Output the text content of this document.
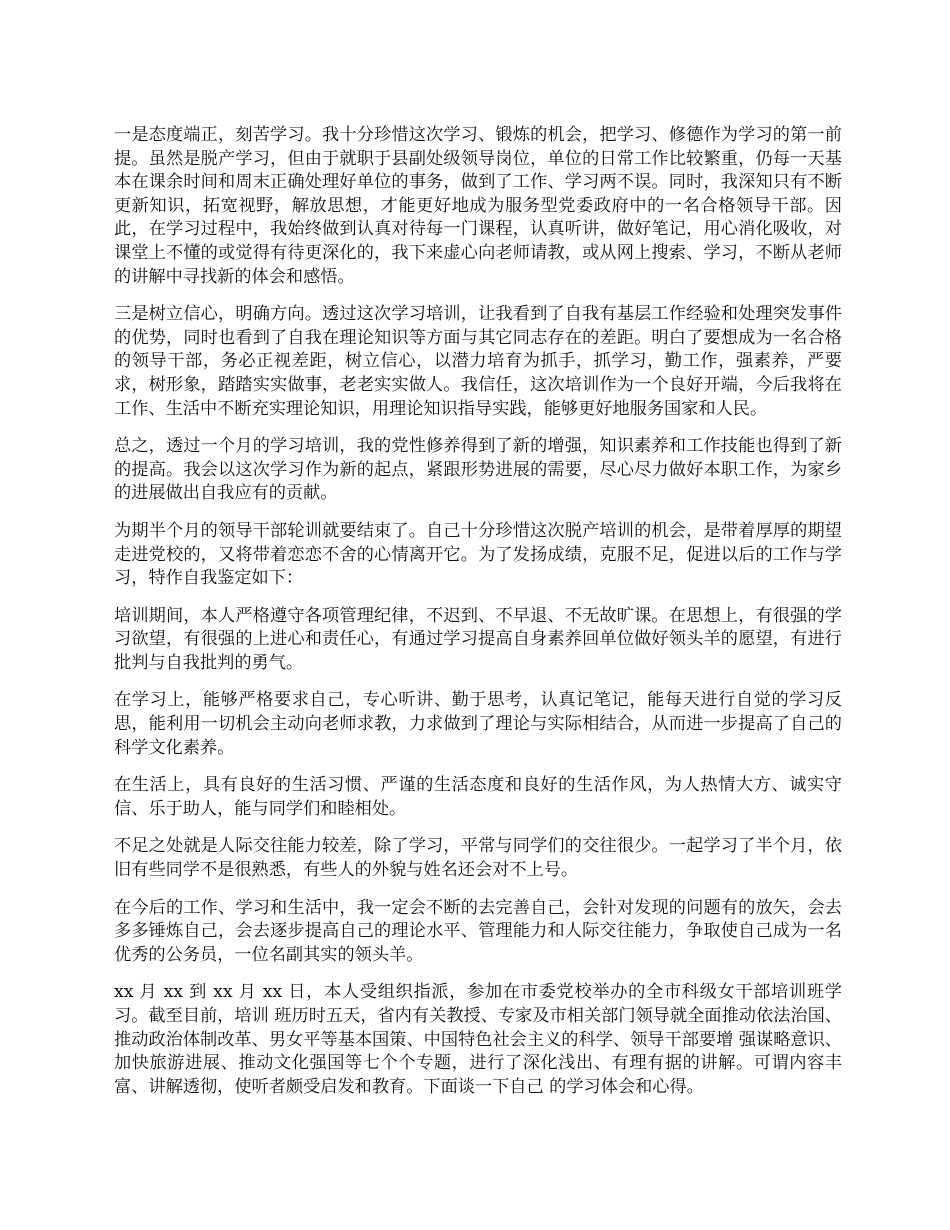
一是态度端正，刻苦学习。我十分珍惜这次学习、锻炼的机会，把学习、修德作为学习的第一前提。虽然是脱产学习，但由于就职于县副处级领导岗位，单位的日常工作比较繁重，仍每一天基本在课余时间和周末正确处理好单位的事务，做到了工作、学习两不误。同时，我深知只有不断更新知识，拓宽视野，解放思想，才能更好地成为服务型党委政府中的一名合格领导干部。因此，在学习过程中，我始终做到认真对待每一门课程，认真听讲，做好笔记，用心消化吸收，对课堂上不懂的或觉得有待更深化的，我下来虚心向老师请教，或从网上搜索、学习，不断从老师的讲解中寻找新的体会和感悟。

三是树立信心，明确方向。透过这次学习培训，让我看到了自我有基层工作经验和处理突发事件的优势，同时也看到了自我在理论知识等方面与其它同志存在的差距。明白了要想成为一名合格的领导干部，务必正视差距，树立信心，以潜力培育为抓手，抓学习，勤工作，强素养，严要求，树形象，踏踏实实做事，老老实实做人。我信任，这次培训作为一个良好开端，今后我将在工作、生活中不断充实理论知识，用理论知识指导实践，能够更好地服务国家和人民。

总之，透过一个月的学习培训，我的党性修养得到了新的增强，知识素养和工作技能也得到了新的提高。我会以这次学习作为新的起点，紧跟形势进展的需要，尽心尽力做好本职工作，为家乡的进展做出自我应有的贡献。

为期半个月的领导干部轮训就要结束了。自己十分珍惜这次脱产培训的机会，是带着厚厚的期望走进党校的，又将带着恋恋不舍的心情离开它。为了发扬成绩，克服不足，促进以后的工作与学习，特作自我鉴定如下：

培训期间，本人严格遵守各项管理纪律，不迟到、不早退、不无故旷课。在思想上，有很强的学习欲望，有很强的上进心和责任心，有通过学习提高自身素养回单位做好领头羊的愿望，有进行批判与自我批判的勇气。

在学习上，能够严格要求自己，专心听讲、勤于思考，认真记笔记，能每天进行自觉的学习反思，能利用一切机会主动向老师求教，力求做到了理论与实际相结合，从而进一步提高了自己的科学文化素养。

在生活上，具有良好的生活习惯、严谨的生活态度和良好的生活作风，为人热情大方、诚实守信、乐于助人，能与同学们和睦相处。

不足之处就是人际交往能力较差，除了学习，平常与同学们的交往很少。一起学习了半个月，依旧有些同学不是很熟悉，有些人的外貌与姓名还会对不上号。

在今后的工作、学习和生活中，我一定会不断的去完善自己，会针对发现的问题有的放矢，会去多多锤炼自己，会去逐步提高自己的理论水平、管理能力和人际交往能力，争取使自己成为一名优秀的公务员，一位名副其实的领头羊。

xx 月 xx 到 xx 月 xx 日，本人受组织指派，参加在市委党校举办的全市科级女干部培训班学习。截至目前，培训 班历时五天，省内有关教授、专家及市相关部门领导就全面推动依法治国、推动政治体制改革、男女平等基本国策、中国特色社会主义的科学、领导干部要增 强谋略意识、加快旅游进展、推动文化强国等七个个专题，进行了深化浅出、有理有据的讲解。可谓内容丰富、讲解透彻，使听者颇受启发和教育。下面谈一下自己 的学习体会和心得。
